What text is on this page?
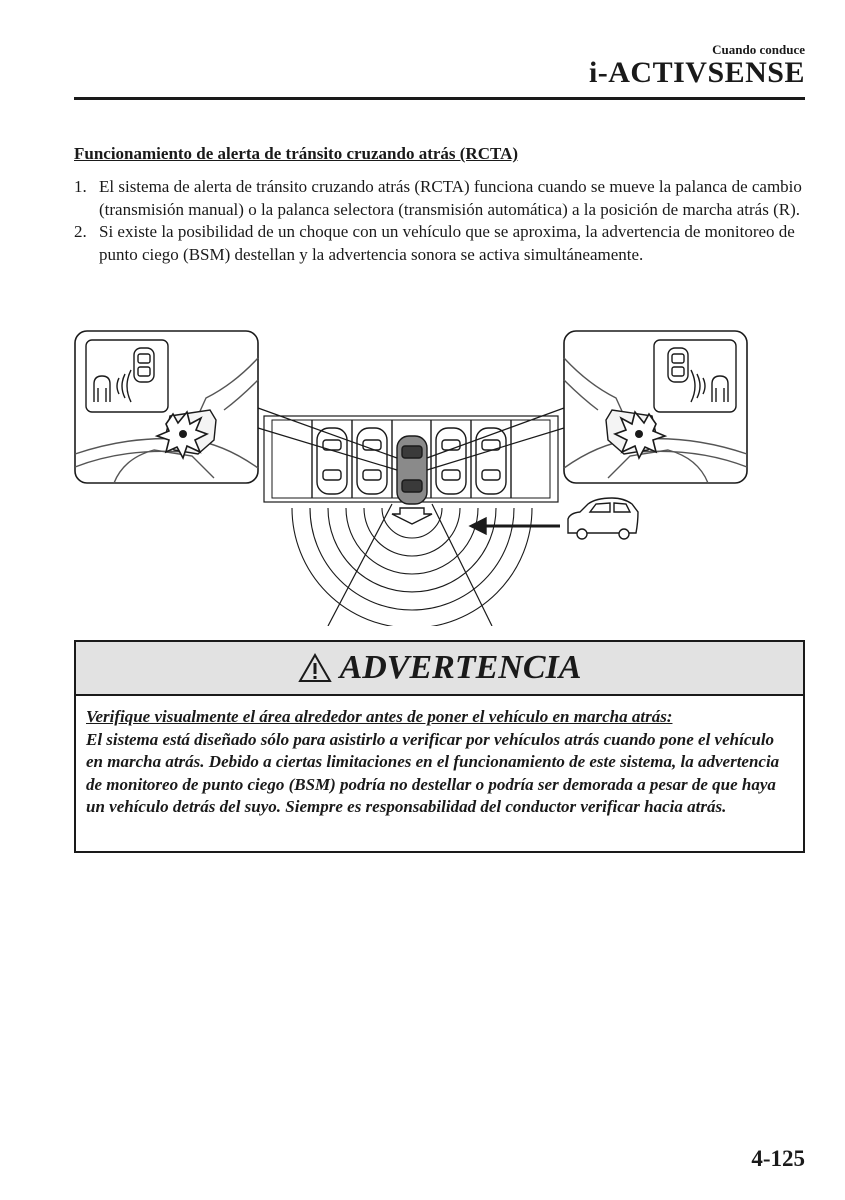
Cuando conduce
i-ACTIVSENSE
Funcionamiento de alerta de tránsito cruzando atrás (RCTA)
1. El sistema de alerta de tránsito cruzando atrás (RCTA) funciona cuando se mueve la palanca de cambio (transmisión manual) o la palanca selectora (transmisión automática) a la posición de marcha atrás (R).
2. Si existe la posibilidad de un choque con un vehículo que se aproxima, la advertencia de monitoreo de punto ciego (BSM) destellan y la advertencia sonora se activa simultáneamente.
ADVERTENCIA
Verifique visualmente el área alrededor antes de poner el vehículo en marcha atrás:
El sistema está diseñado sólo para asistirlo a verificar por vehículos atrás cuando pone el vehículo en marcha atrás. Debido a ciertas limitaciones en el funcionamiento de este sistema, la advertencia de monitoreo de punto ciego (BSM) podría no destellar o podría ser demorada a pesar de que haya un vehículo detrás del suyo. Siempre es responsabilidad del conductor verificar hacia atrás.
4-125
